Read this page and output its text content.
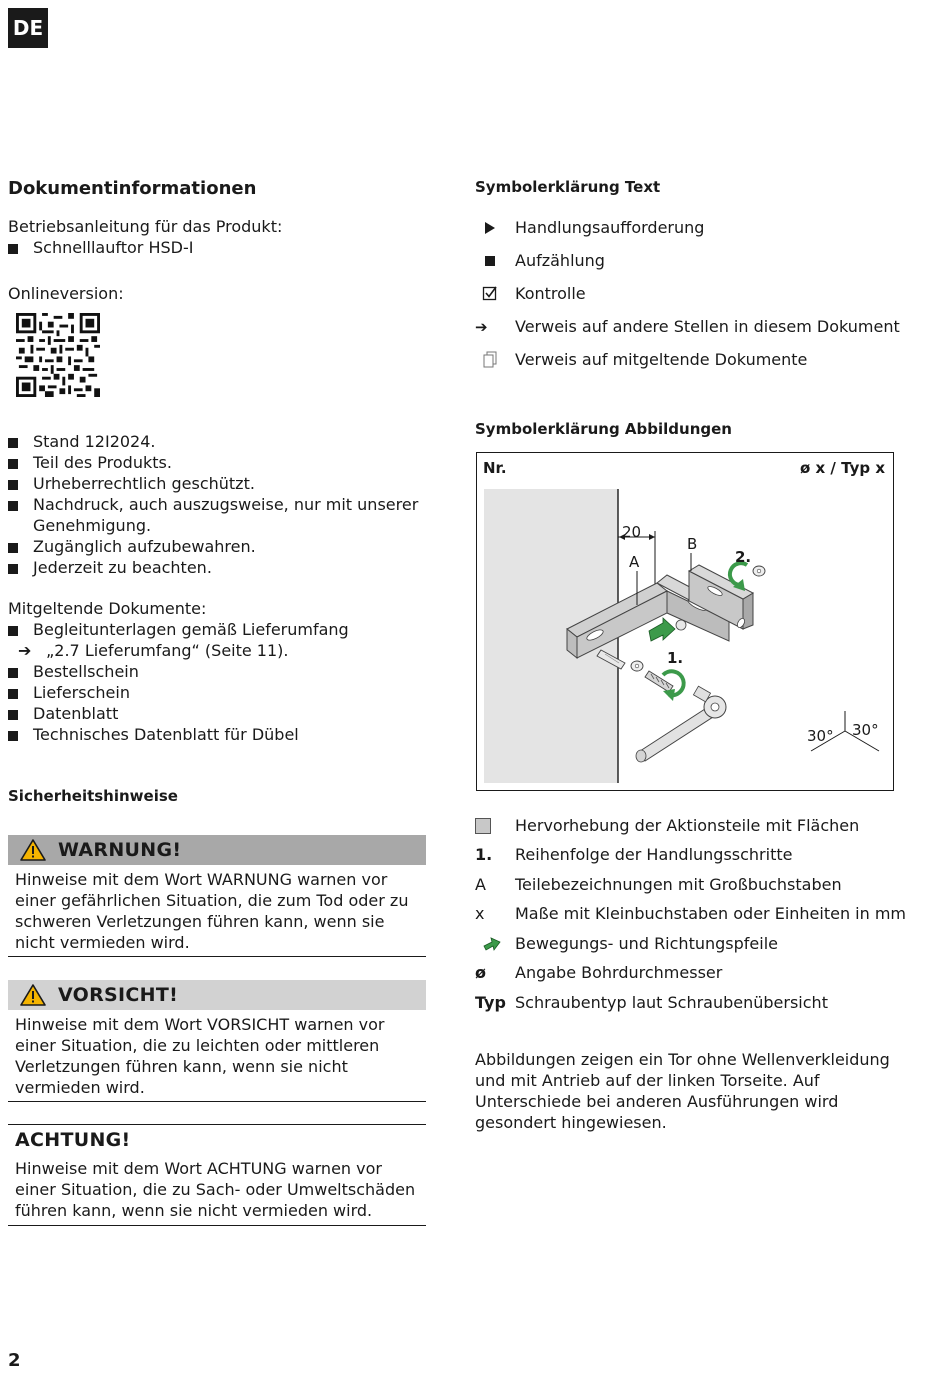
DE
Dokumentinformationen
Betriebsanleitung für das Produkt:
Schnelllauftor HSD-I
Onlineversion:
Stand 12I2024.
Teil des Produkts.
Urheberrechtlich geschützt.
Nachdruck, auch auszugsweise, nur mit unserer Genehmigung.
Zugänglich aufzubewahren.
Jederzeit zu beachten.
Mitgeltende Dokumente:
Begleitunterlagen gemäß Lieferumfang
➔ „2.7 Lieferumfang“ (Seite 11).
Bestellschein
Lieferschein
Datenblatt
Technisches Datenblatt für Dübel
Sicherheitshinweise
WARNUNG!
Hinweise mit dem Wort WARNUNG warnen vor einer gefährlichen Situation, die zum Tod oder zu schweren Verletzungen führen kann, wenn sie nicht vermieden wird.
VORSICHT!
Hinweise mit dem Wort VORSICHT warnen vor einer Situation, die zu leichten oder mittleren Verletzungen führen kann, wenn sie nicht vermieden wird.
ACHTUNG!
Hinweise mit dem Wort ACHTUNG warnen vor einer Situation, die zu Sach- oder Umweltschäden führen kann, wenn sie nicht vermieden wird.
Symbolerklärung Text
Handlungsaufforderung
Aufzählung
Kontrolle
➔	Verweis auf andere Stellen in diesem Dokument
Verweis auf mitgeltende Dokumente
Symbolerklärung Abbildungen
Nr.	ø x / Typ x
20
A
B
1.
2.
30° 30°
Hervorhebung der Aktionsteile mit Flächen
1.	Reihenfolge der Handlungsschritte
A	Teilebezeichnungen mit Großbuchstaben
x	Maße mit Kleinbuchstaben oder Einheiten in mm
Bewegungs- und Richtungspfeile
ø	Angabe Bohrdurchmesser
Typ Schraubentyp laut Schraubenübersicht
Abbildungen zeigen ein Tor ohne Wellenverkleidung und mit Antrieb auf der linken Torseite. Auf Unterschiede bei anderen Ausführungen wird gesondert hingewiesen.
2
